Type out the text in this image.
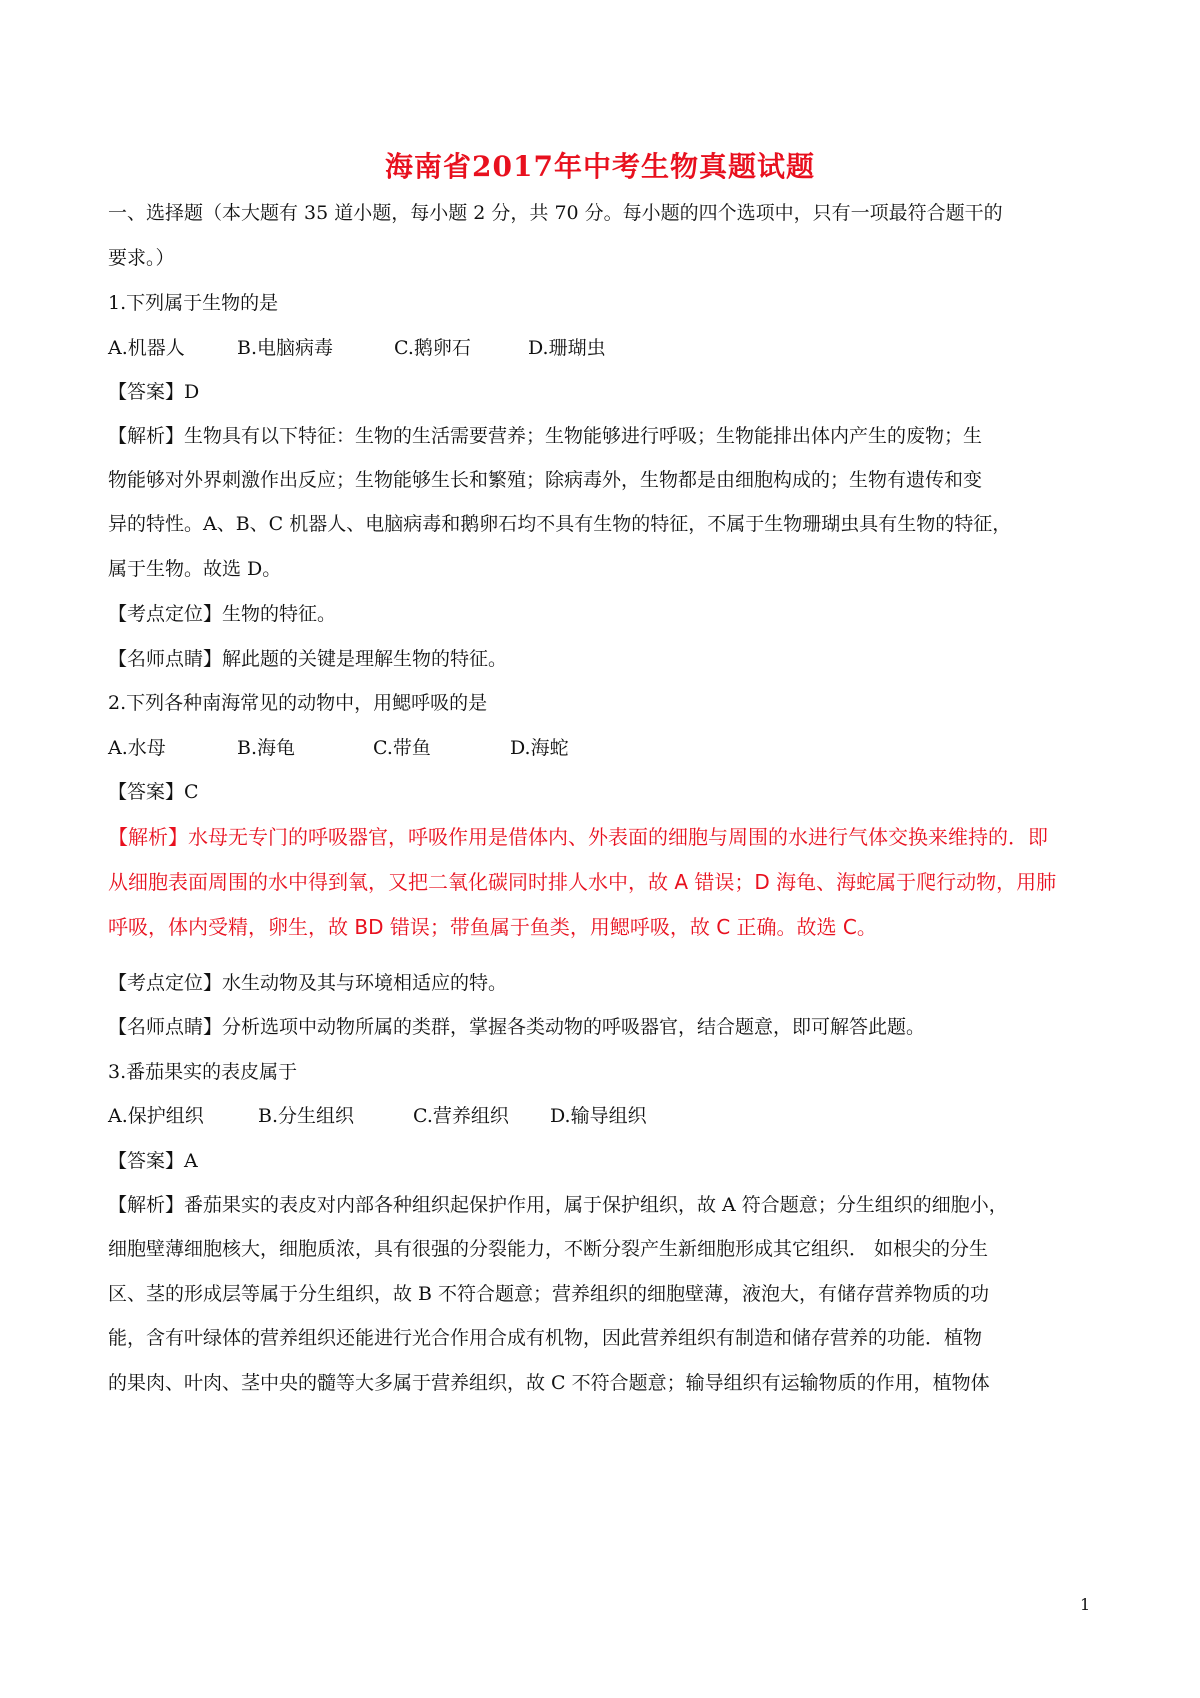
海南省2017年中考生物真题试题
一、选择题（本大题有 35 道小题，每小题 2 分，共 70 分。每小题的四个选项中，只有一项最符合题干的
要求。）
1.下列属于生物的是
A.机器人	B.电脑病毒	C.鹅卵石	D.珊瑚虫
【答案】D
【解析】生物具有以下特征：生物的生活需要营养；生物能够进行呼吸；生物能排出体内产生的废物；生
物能够对外界刺激作出反应；生物能够生长和繁殖；除病毒外，生物都是由细胞构成的；生物有遗传和变
异的特性。A、B、C 机器人、电脑病毒和鹅卵石均不具有生物的特征，不属于生物珊瑚虫具有生物的特征，
属于生物。故选 D。
【考点定位】生物的特征。
【名师点睛】解此题的关键是理解生物的特征。
2.下列各种南海常见的动物中，用鳃呼吸的是
A.水母	B.海龟	C.带鱼	D.海蛇
【答案】C
【解析】水母无专门的呼吸器官，呼吸作用是借体内、外表面的细胞与周围的水进行气体交换来维持的．即
从细胞表面周围的水中得到氧，又把二氧化碳同时排人水中，故 A 错误；D 海龟、海蛇属于爬行动物，用肺
呼吸，体内受精，卵生，故 BD 错误；带鱼属于鱼类，用鳃呼吸，故 C 正确。故选 C。
【考点定位】水生动物及其与环境相适应的特。
【名师点睛】分析选项中动物所属的类群，掌握各类动物的呼吸器官，结合题意，即可解答此题。
3.番茄果实的表皮属于
A.保护组织	B.分生组织	C.营养组织 D.输导组织
【答案】A
【解析】番茄果实的表皮对内部各种组织起保护作用，属于保护组织，故 A 符合题意；分生组织的细胞小，
细胞壁薄细胞核大，细胞质浓，具有很强的分裂能力，不断分裂产生新细胞形成其它组织． 如根尖的分生
区、茎的形成层等属于分生组织，故 B 不符合题意；营养组织的细胞壁薄，液泡大，有储存营养物质的功
能，含有叶绿体的营养组织还能进行光合作用合成有机物，因此营养组织有制造和储存营养的功能．植物
的果肉、叶肉、茎中央的髓等大多属于营养组织，故 C 不符合题意；输导组织有运输物质的作用，植物体
1
